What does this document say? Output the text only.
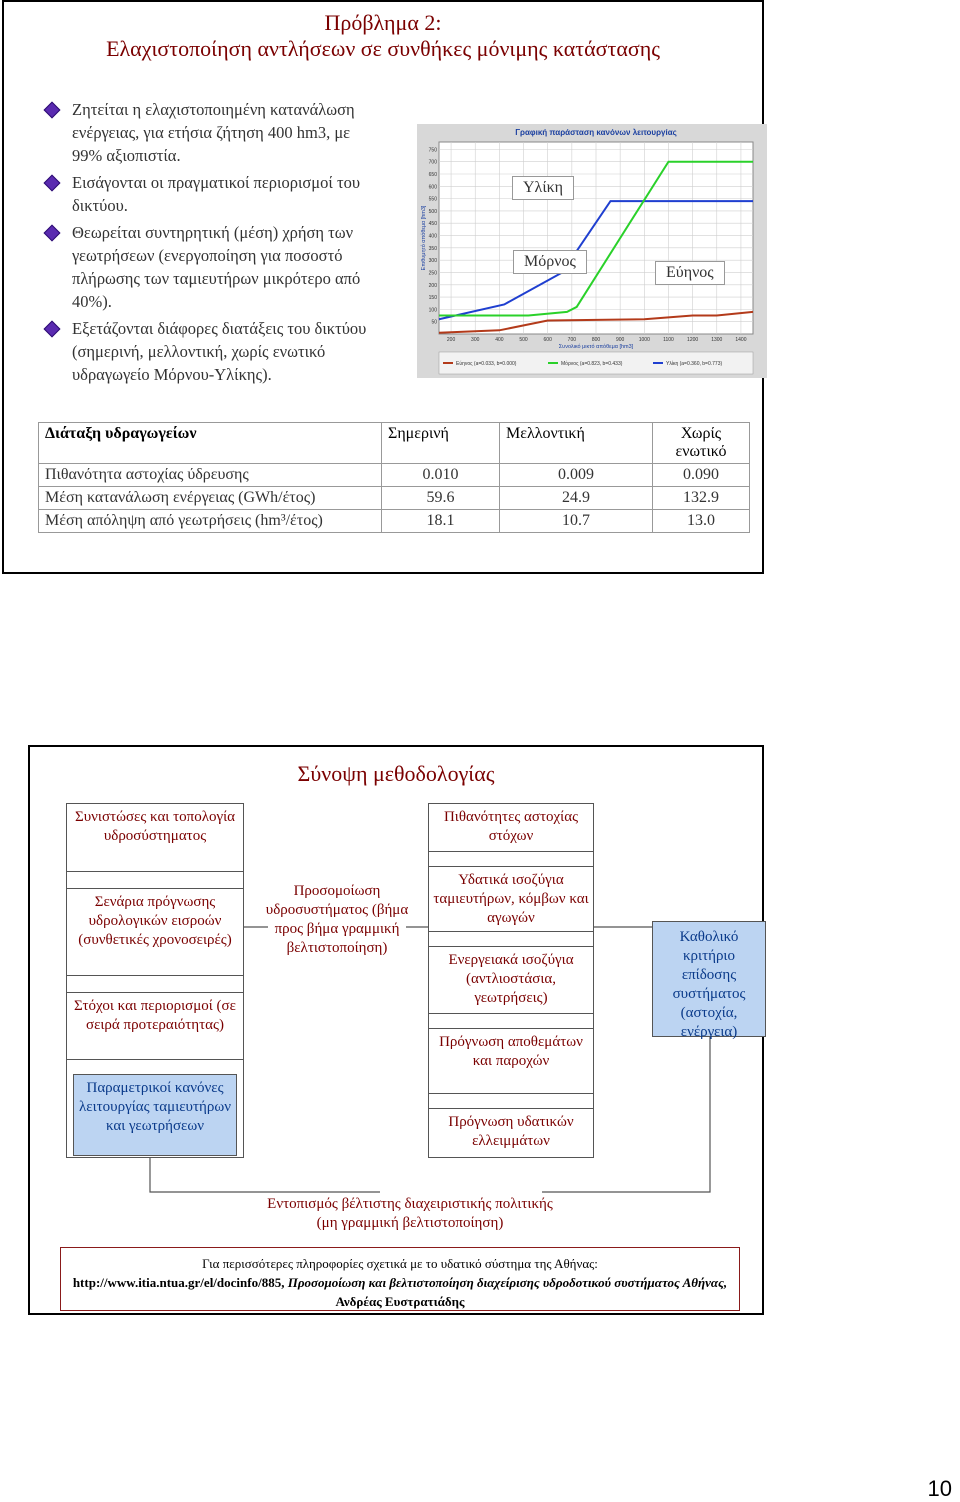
Πρόβλημα 2:
Ελαχιστοποίηση αντλήσεων σε συνθήκες μόνιμης κατάστασης
Ζητείται η ελαχιστοποιημένη κατανάλωση ενέργειας, για ετήσια ζήτηση 400 hm3, με 99% αξιοπιστία.
Εισάγονται οι πραγματικοί περιορισμοί του δικτύου.
Θεωρείται συντηρητική (μέση) χρήση των γεωτρήσεων (ενεργοποίηση για ποσοστό πλήρωσης των ταμιευτήρων μικρότερο από 40%).
Εξετάζονται διάφορες διατάξεις του δικτύου (σημερινή, μελλοντική, χωρίς ενωτικό υδραγωγείο Μόρνου-Υλίκης).
Γραφική παράσταση κανόνων λειτουργίας
50
100
150
200
250
300
350
400
450
500
550
600
650
700
750
200	300	400	500	600	700	800	900	1000	1100	1200	1300	1400
Συνολικό μικτό απόθεμα [hm3]
Επιθυμητό απόθεμα [hm3]
Εύηνος (a=0.033, b=0.000)	Μόρνος (a=0.823, b=0.433)	Υλίκη (a=0.360, b=0.773)
Υλίκη
Μόρνος
Εύηνος
Διάταξη υδραγωγείων	Σημερινή	Μελλοντική	Χωρίς ενωτικό
Πιθανότητα αστοχίας ύδρευσης	0.010	0.009	0.090
Μέση κατανάλωση ενέργειας (GWh/έτος)	59.6	24.9	132.9
Μέση απόληψη από γεωτρήσεις (hm³/έτος)	18.1	10.7	13.0
Σύνοψη μεθοδολογίας
Συνιστώσες και τοπολογία υδροσύστηματος
Σενάρια πρόγνωσης υδρολογικών εισροών (συνθετικές χρονοσειρές)
Στόχοι και περιορισμοί (σε σειρά προτεραιότητας)
Παραμετρικοί κανόνες λειτουργίας ταμιευτήρων και γεωτρήσεων
Προσομοίωση υδροσυστήματος (βήμα προς βήμα γραμμική βελτιστοποίηση)
Πιθανότητες αστοχίας στόχων
Υδατικά ισοζύγια ταμιευτήρων, κόμβων και αγωγών
Ενεργειακά ισοζύγια (αντλιοστάσια, γεωτρήσεις)
Πρόγνωση αποθεμάτων και παροχών
Πρόγνωση υδατικών ελλειμμάτων
Καθολικό κριτήριο επίδοσης συστήματος (αστοχία, ενέργεια)
Εντοπισμός βέλτιστης διαχειριστικής πολιτικής (μη γραμμική βελτιστοποίηση)
Για περισσότερες πληροφορίες σχετικά με το υδατικό σύστημα της Αθήνας:
http://www.itia.ntua.gr/el/docinfo/885, Προσομοίωση και βελτιστοποίηση διαχείρισης υδροδοτικού συστήματος Αθήνας, Ανδρέας Ευστρατιάδης
10
